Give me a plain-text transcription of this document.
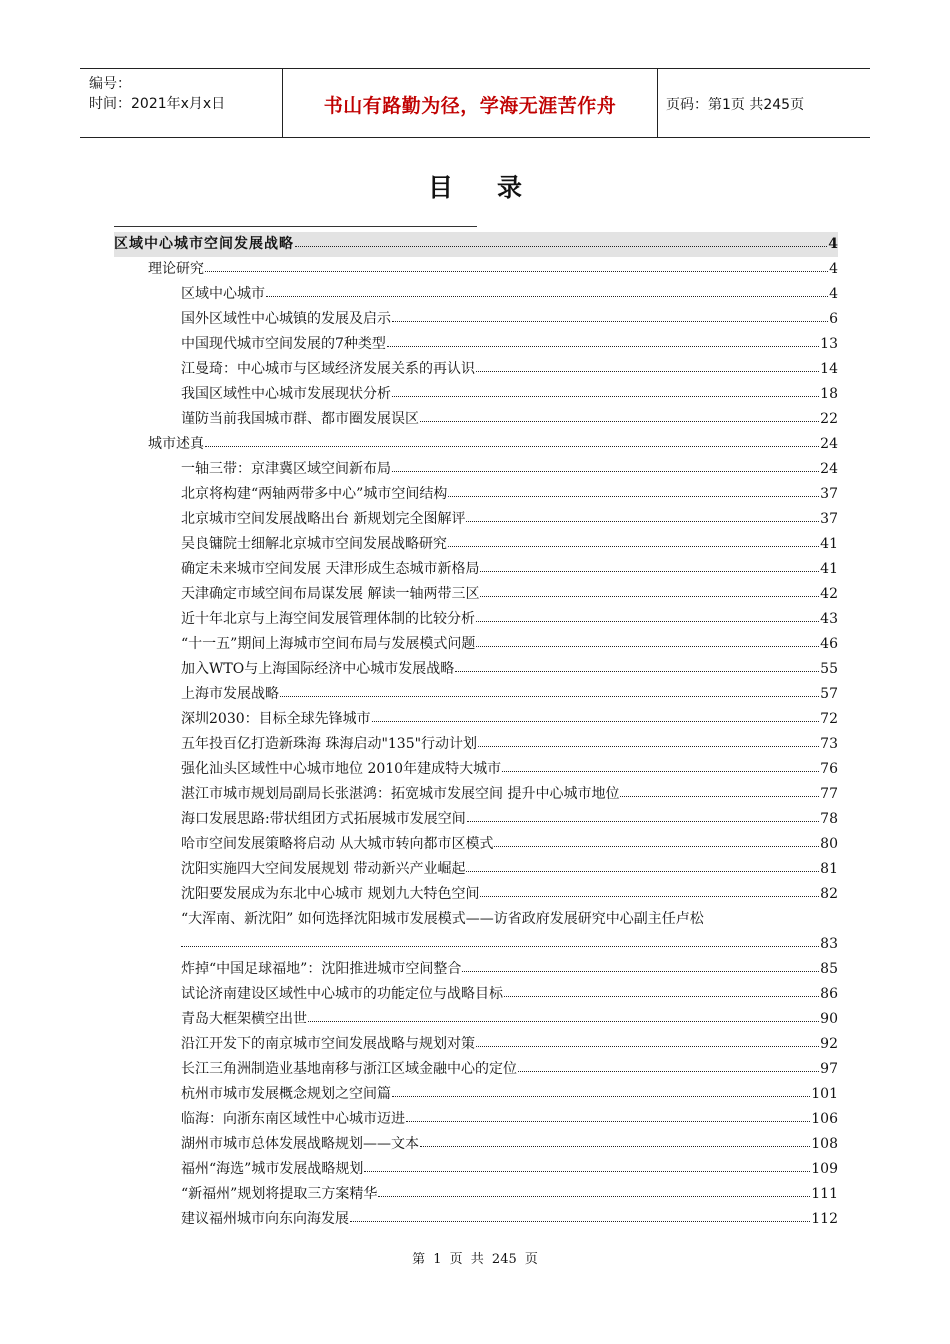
编号：
时间：2021年x月x日	书山有路勤为径，学海无涯苦作舟	页码：第1页 共245页
目录
区域中心城市空间发展战略	4
理论研究	4
区域中心城市	4
国外区域性中心城镇的发展及启示	6
中国现代城市空间发展的7种类型	13
江曼琦：中心城市与区域经济发展关系的再认识	14
我国区域性中心城市发展现状分析	18
谨防当前我国城市群、都市圈发展误区	22
城市述真	24
一轴三带：京津冀区域空间新布局	24
北京将构建“两轴两带多中心”城市空间结构	37
北京城市空间发展战略出台 新规划完全图解评	37
吴良镛院士细解北京城市空间发展战略研究	41
确定未来城市空间发展 天津形成生态城市新格局	41
天津确定市域空间布局谋发展 解读一轴两带三区	42
近十年北京与上海空间发展管理体制的比较分析	43
“十一五”期间上海城市空间布局与发展模式问题	46
加入WTO与上海国际经济中心城市发展战略	55
上海市发展战略	57
深圳2030：目标全球先锋城市	72
五年投百亿打造新珠海 珠海启动"135"行动计划	73
强化汕头区域性中心城市地位 2010年建成特大城市	76
湛江市城市规划局副局长张湛鸿：拓宽城市发展空间 提升中心城市地位	77
海口发展思路:带状组团方式拓展城市发展空间	78
哈市空间发展策略将启动 从大城市转向都市区模式	80
沈阳实施四大空间发展规划 带动新兴产业崛起	81
沈阳要发展成为东北中心城市 规划九大特色空间	82
“大浑南、新沈阳” 如何选择沈阳城市发展模式——访省政府发展研究中心副主任卢松
83
炸掉“中国足球福地”：沈阳推进城市空间整合	85
试论济南建设区域性中心城市的功能定位与战略目标	86
青岛大框架横空出世	90
沿江开发下的南京城市空间发展战略与规划对策	92
长江三角洲制造业基地南移与浙江区域金融中心的定位	97
杭州市城市发展概念规划之空间篇	101
临海：向浙东南区域性中心城市迈进	106
湖州市城市总体发展战略规划——文本	108
福州“海选”城市发展战略规划	109
“新福州”规划将提取三方案精华	111
建议福州城市向东向海发展	112
第 1 页 共 245 页
